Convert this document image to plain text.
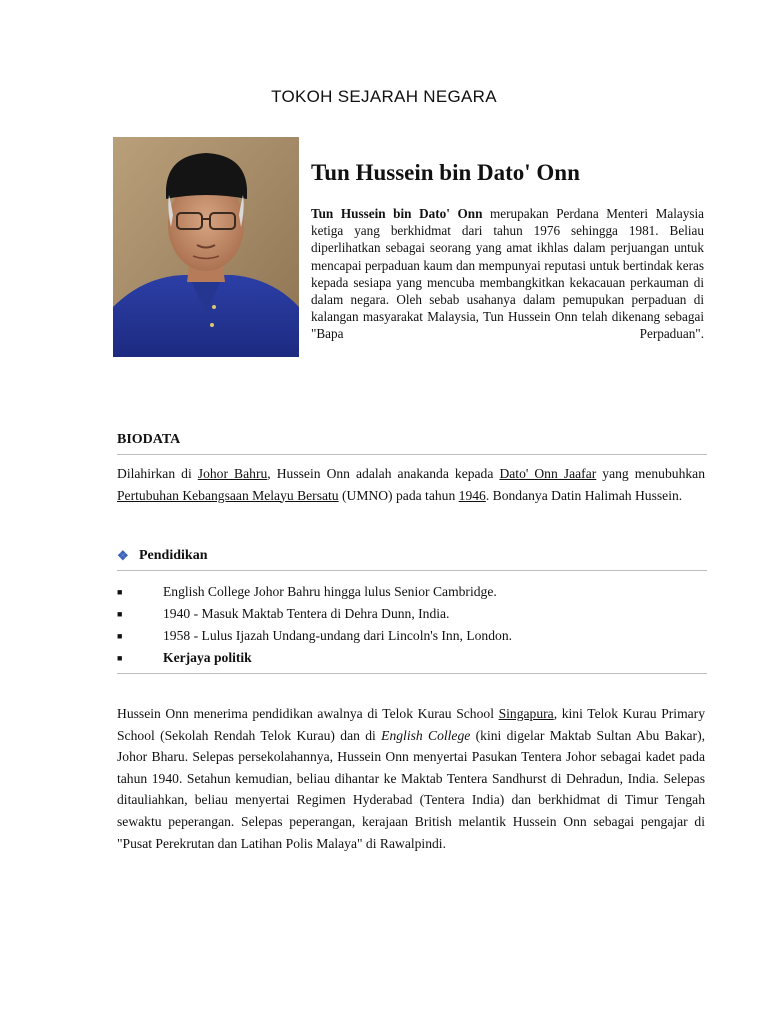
TOKOH SEJARAH NEGARA
Tun Hussein bin Dato' Onn
Tun Hussein bin Dato' Onn merupakan Perdana Menteri Malaysia ketiga yang berkhidmat dari tahun 1976 sehingga 1981. Beliau diperlihatkan sebagai seorang yang amat ikhlas dalam perjuangan untuk mencapai perpaduan kaum dan mempunyai reputasi untuk bertindak keras kepada sesiapa yang mencuba membangkitkan kekacauan perkauman di dalam negara. Oleh sebab usahanya dalam pemupukan perpaduan di kalangan masyarakat Malaysia, Tun Hussein Onn telah dikenang sebagai "Bapa Perpaduan".
BIODATA
Dilahirkan di Johor Bahru, Hussein Onn adalah anakanda kepada Dato' Onn Jaafar yang menubuhkan Pertubuhan Kebangsaan Melayu Bersatu (UMNO) pada tahun 1946. Bondanya Datin Halimah Hussein.
❖ Pendidikan
■	English College Johor Bahru hingga lulus Senior Cambridge.
■	1940 - Masuk Maktab Tentera di Dehra Dunn, India.
■	1958 - Lulus Ijazah Undang-undang dari Lincoln's Inn, London.
■	Kerjaya politik
Hussein Onn menerima pendidikan awalnya di Telok Kurau School Singapura, kini Telok Kurau Primary School (Sekolah Rendah Telok Kurau) dan di English College (kini digelar Maktab Sultan Abu Bakar), Johor Bharu. Selepas persekolahannya, Hussein Onn menyertai Pasukan Tentera Johor sebagai kadet pada tahun 1940. Setahun kemudian, beliau dihantar ke Maktab Tentera Sandhurst di Dehradun, India. Selepas ditauliahkan, beliau menyertai Regimen Hyderabad (Tentera India) dan berkhidmat di Timur Tengah sewaktu peperangan. Selepas peperangan, kerajaan British melantik Hussein Onn sebagai pengajar di "Pusat Perekrutan dan Latihan Polis Malaya" di Rawalpindi.
